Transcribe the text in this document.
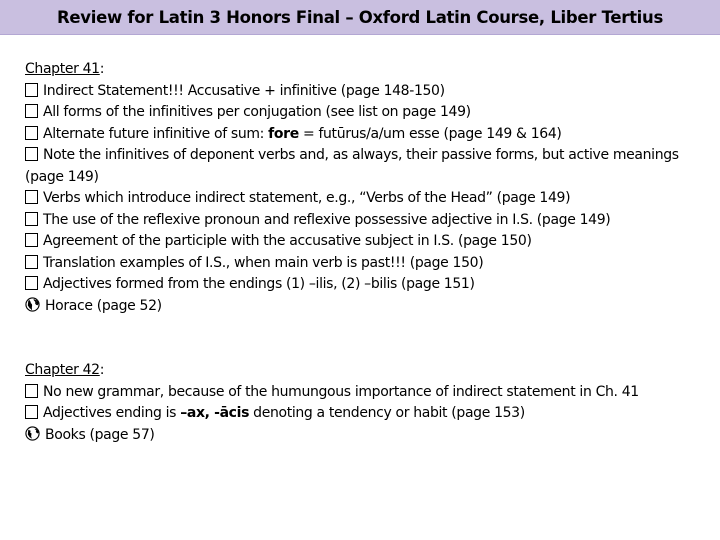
Review for Latin 3 Honors Final – Oxford Latin Course, Liber Tertius
Chapter 41:
Indirect Statement!!! Accusative + infinitive (page 148-150)
All forms of the infinitives per conjugation (see list on page 149)
Alternate future infinitive of sum: fore = futūrus/a/um esse (page 149 & 164)
Note the infinitives of deponent verbs and, as always, their passive forms, but active meanings (page 149)
Verbs which introduce indirect statement, e.g., “Verbs of the Head” (page 149)
The use of the reflexive pronoun and reflexive possessive adjective in I.S. (page 149)
Agreement of the participle with the accusative subject in I.S. (page 150)
Translation examples of I.S., when main verb is past!!! (page 150)
Adjectives formed from the endings (1) –ilis, (2) –bilis (page 151)
Horace (page 52)
Chapter 42:
No new grammar, because of the humungous importance of indirect statement in Ch. 41
Adjectives ending is –ax, -ācis denoting a tendency or habit (page 153)
Books (page 57)
